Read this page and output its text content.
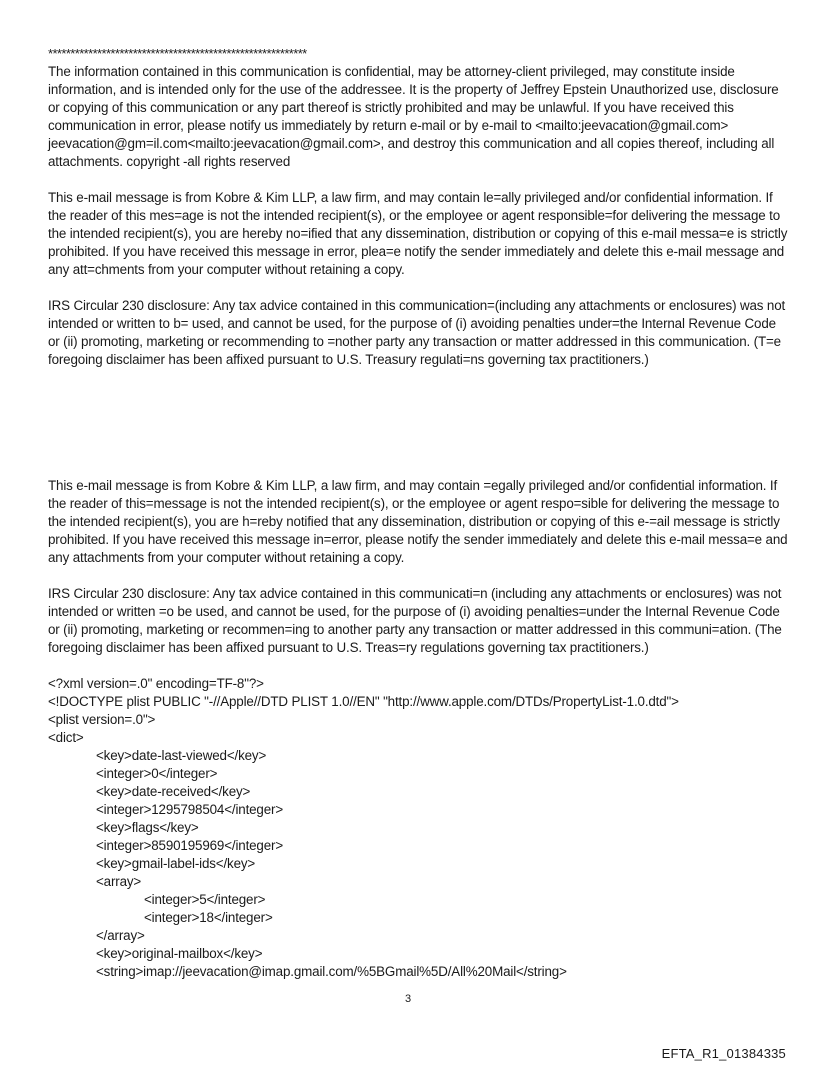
**********************************************************

The information contained in this communication is confidential, may be attorney-client privileged, may constitute inside information, and is intended only for the use of the addressee. It is the property of Jeffrey Epstein Unauthorized use, disclosure or copying of this communication or any part thereof is strictly prohibited and may be unlawful. If you have received this communication in error, please notify us immediately by return e-mail or by e-mail to <mailto:jeevacation@gmail.com> jeevacation@gm=il.com<mailto:jeevacation@gmail.com>, and destroy this communication and all copies thereof, including all attachments. copyright -all rights reserved

This e-mail message is from Kobre & Kim LLP, a law firm, and may contain le=ally privileged and/or confidential information. If the reader of this mes=age is not the intended recipient(s), or the employee or agent responsible=for delivering the message to the intended recipient(s), you are hereby no=ified that any dissemination, distribution or copying of this e-mail messa=e is strictly prohibited. If you have received this message in error, plea=e notify the sender immediately and delete this e-mail message and any att=chments from your computer without retaining a copy.

IRS Circular 230 disclosure: Any tax advice contained in this communication=(including any attachments or enclosures) was not intended or written to b= used, and cannot be used, for the purpose of (i) avoiding penalties under=the Internal Revenue Code or (ii) promoting, marketing or recommending to =nother party any transaction or matter addressed in this communication. (T=e foregoing disclaimer has been affixed pursuant to U.S. Treasury regulati=ns governing tax practitioners.)

This e-mail message is from Kobre & Kim LLP, a law firm, and may contain =egally privileged and/or confidential information. If the reader of this=message is not the intended recipient(s), or the employee or agent respo=sible for delivering the message to the intended recipient(s), you are h=reby notified that any dissemination, distribution or copying of this e-=ail message is strictly prohibited. If you have received this message in=error, please notify the sender immediately and delete this e-mail messa=e and any attachments from your computer without retaining a copy.

IRS Circular 230 disclosure: Any tax advice contained in this communicati=n (including any attachments or enclosures) was not intended or written =o be used, and cannot be used, for the purpose of (i) avoiding penalties=under the Internal Revenue Code or (ii) promoting, marketing or recommen=ing to another party any transaction or matter addressed in this communi=ation. (The foregoing disclaimer has been affixed pursuant to U.S. Treas=ry regulations governing tax practitioners.)

<?xml version=.0" encoding=TF-8"?>
<!DOCTYPE plist PUBLIC "-//Apple//DTD PLIST 1.0//EN" "http://www.apple.com/DTDs/PropertyList-1.0.dtd">
<plist version=.0">
<dict>
<key>date-last-viewed</key>
<integer>0</integer>
<key>date-received</key>
<integer>1295798504</integer>
<key>flags</key>
<integer>8590195969</integer>
<key>gmail-label-ids</key>
<array>
<integer>5</integer>
<integer>18</integer>
</array>
<key>original-mailbox</key>
<string>imap://jeevacation@imap.gmail.com/%5BGmail%5D/All%20Mail</string>
3
EFTA_R1_01384335
